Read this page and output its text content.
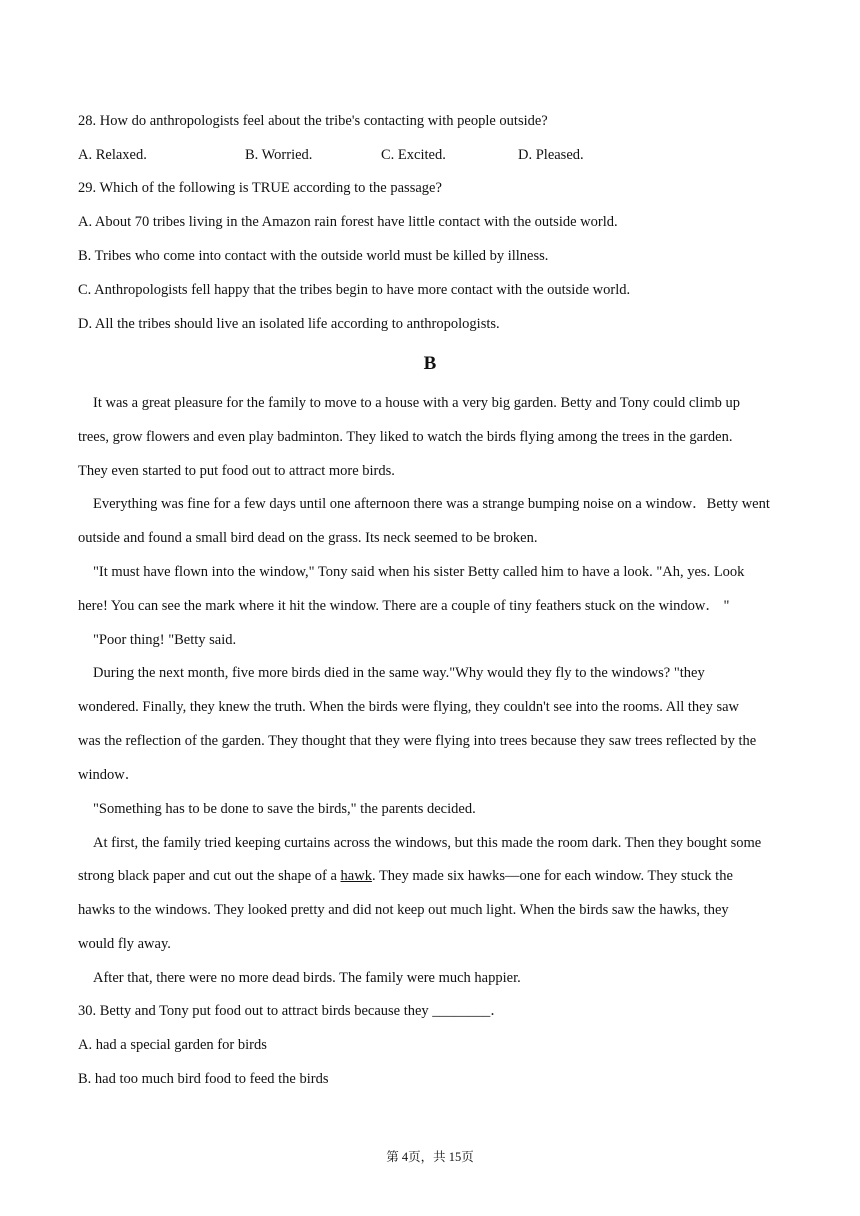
28. How do anthropologists feel about the tribe's contacting with people outside?
A. Relaxed.	B. Worried.	C. Excited.	D. Pleased.
29. Which of the following is TRUE according to the passage?
A. About 70 tribes living in the Amazon rain forest have little contact with the outside world.
B. Tribes who come into contact with the outside world must be killed by illness.
C. Anthropologists fell happy that the tribes begin to have more contact with the outside world.
D. All the tribes should live an isolated life according to anthropologists.
B
It was a great pleasure for the family to move to a house with a very big garden. Betty and Tony could climb up
trees, grow flowers and even play badminton. They liked to watch the birds flying among the trees in the garden.
They even started to put food out to attract more birds.
Everything was fine for a few days until one afternoon there was a strange bumping noise on a window．Betty went
outside and found a small bird dead on the grass. Its neck seemed to be broken.
"It must have flown into the window," Tony said when his sister Betty called him to have a look. "Ah, yes. Look
here! You can see the mark where it hit the window. There are a couple of tiny feathers stuck on the window． "
"Poor thing! "Betty said.
During the next month, five more birds died in the same way."Why would they fly to the windows? "they
wondered. Finally, they knew the truth. When the birds were flying, they couldn't see into the rooms. All they saw
was the reflection of the garden. They thought that they were flying into trees because they saw trees reflected by the
window．
"Something has to be done to save the birds," the parents decided.
At first, the family tried keeping curtains across the windows, but this made the room dark. Then they bought some
strong black paper and cut out the shape of a hawk. They made six hawks—one for each window. They stuck the
hawks to the windows. They looked pretty and did not keep out much light. When the birds saw the hawks, they
would fly away.
After that, there were no more dead birds. The family were much happier.
30. Betty and Tony put food out to attract birds because they ________．
A. had a special garden for birds
B. had too much bird food to feed the birds
第 4页，共 15页
